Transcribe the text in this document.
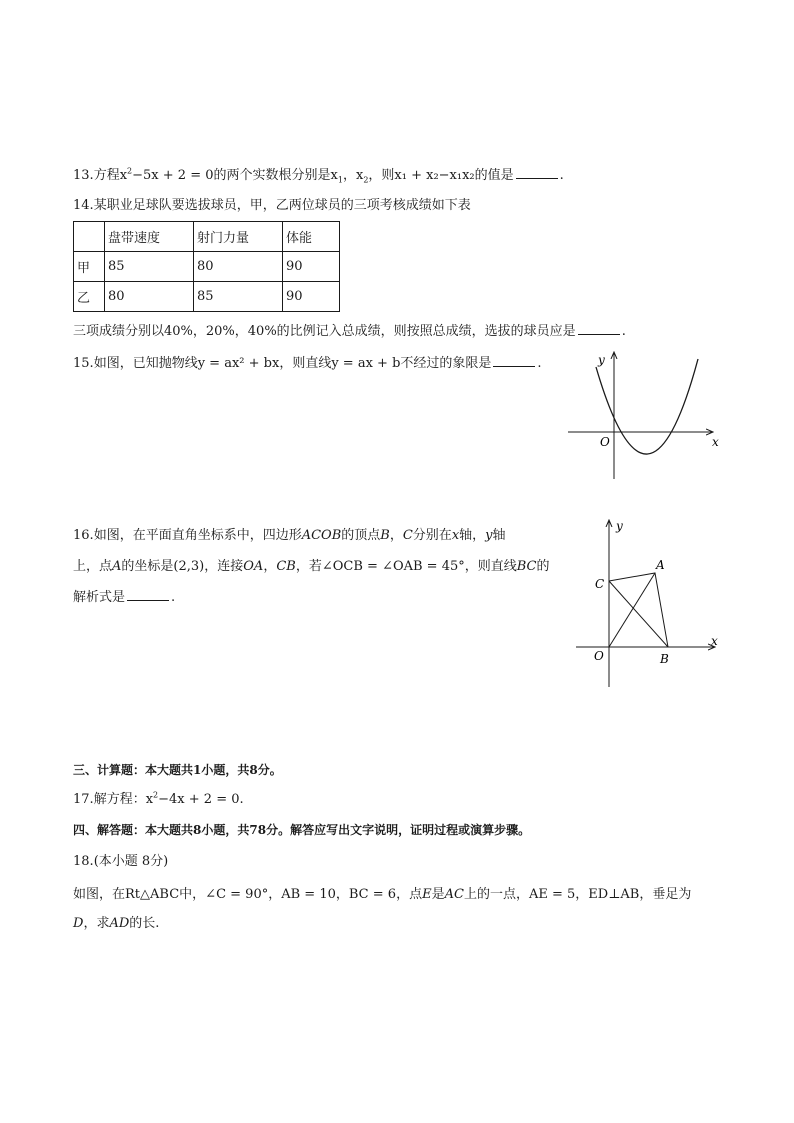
13.方程$x^2-5x + 2 = 0$的两个实数根分别是$x_1$，$x_2$，则x₁ + x₂−x₁x₂的值是	.
14.某职业足球队要选拔球员，甲，乙两位球员的三项考核成绩如下表
	盘带速度	射门力量	体能
甲	85	80	90
乙	80	85	90
三项成绩分别以40%，20%，40%的比例记入总成绩，则按照总成绩，选拔的球员应是	.
15.如图，已知抛物线y = ax² + bx，则直线y = ax + b不经过的象限是	.	y
x
O
16.如图，在平面直角坐标系中，四边形ACOB的顶点B，C分别在x轴，y轴
上，点A的坐标是(2,3)，连接OA，CB，若∠OCB = ∠OAB = 45°，则直线BC的
解析式是	.
y
x
O
A
B
C
三、计算题：本大题共1小题，共8分。
17.解方程：$x^2-4x + 2 = 0$.
四、解答题：本大题共8小题，共78分。解答应写出文字说明，证明过程或演算步骤。
18.(本小题 8分)
如图，在Rt△ABC中，∠C = 90°，AB = 10，BC = 6，点E是AC上的一点，AE = 5，ED⊥AB，垂足为
D，求AD的长.
